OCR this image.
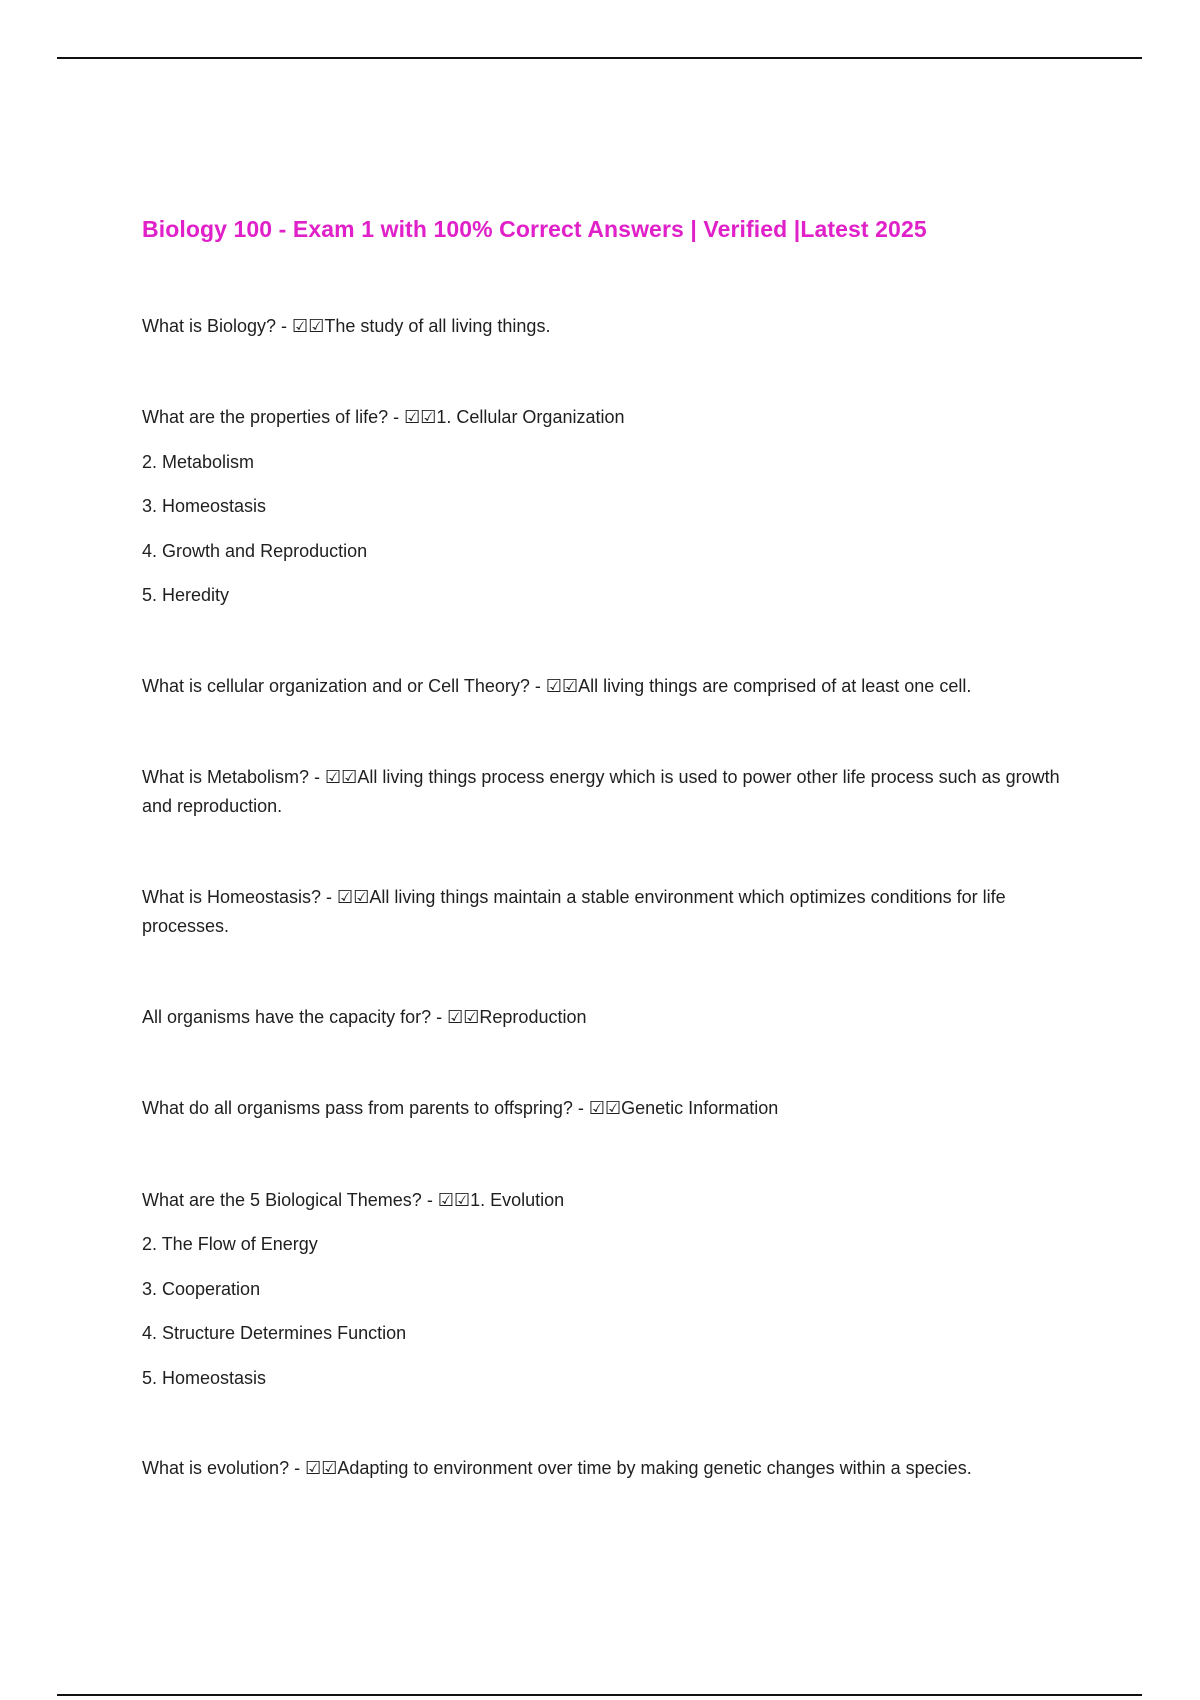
Biology 100 - Exam 1 with 100% Correct Answers | Verified |Latest 2025
What is Biology? - ☑☑The study of all living things.
What are the properties of life? - ☑☑1. Cellular Organization
2. Metabolism
3. Homeostasis
4. Growth and Reproduction
5. Heredity
What is cellular organization and or Cell Theory? - ☑☑All living things are comprised of at least one cell.
What is Metabolism? - ☑☑All living things process energy which is used to power other life process such as growth and reproduction.
What is Homeostasis? - ☑☑All living things maintain a stable environment which optimizes conditions for life processes.
All organisms have the capacity for? - ☑☑Reproduction
What do all organisms pass from parents to offspring? - ☑☑Genetic Information
What are the 5 Biological Themes? - ☑☑1. Evolution
2. The Flow of Energy
3. Cooperation
4. Structure Determines Function
5. Homeostasis
What is evolution? - ☑☑Adapting to environment over time by making genetic changes within a species.
